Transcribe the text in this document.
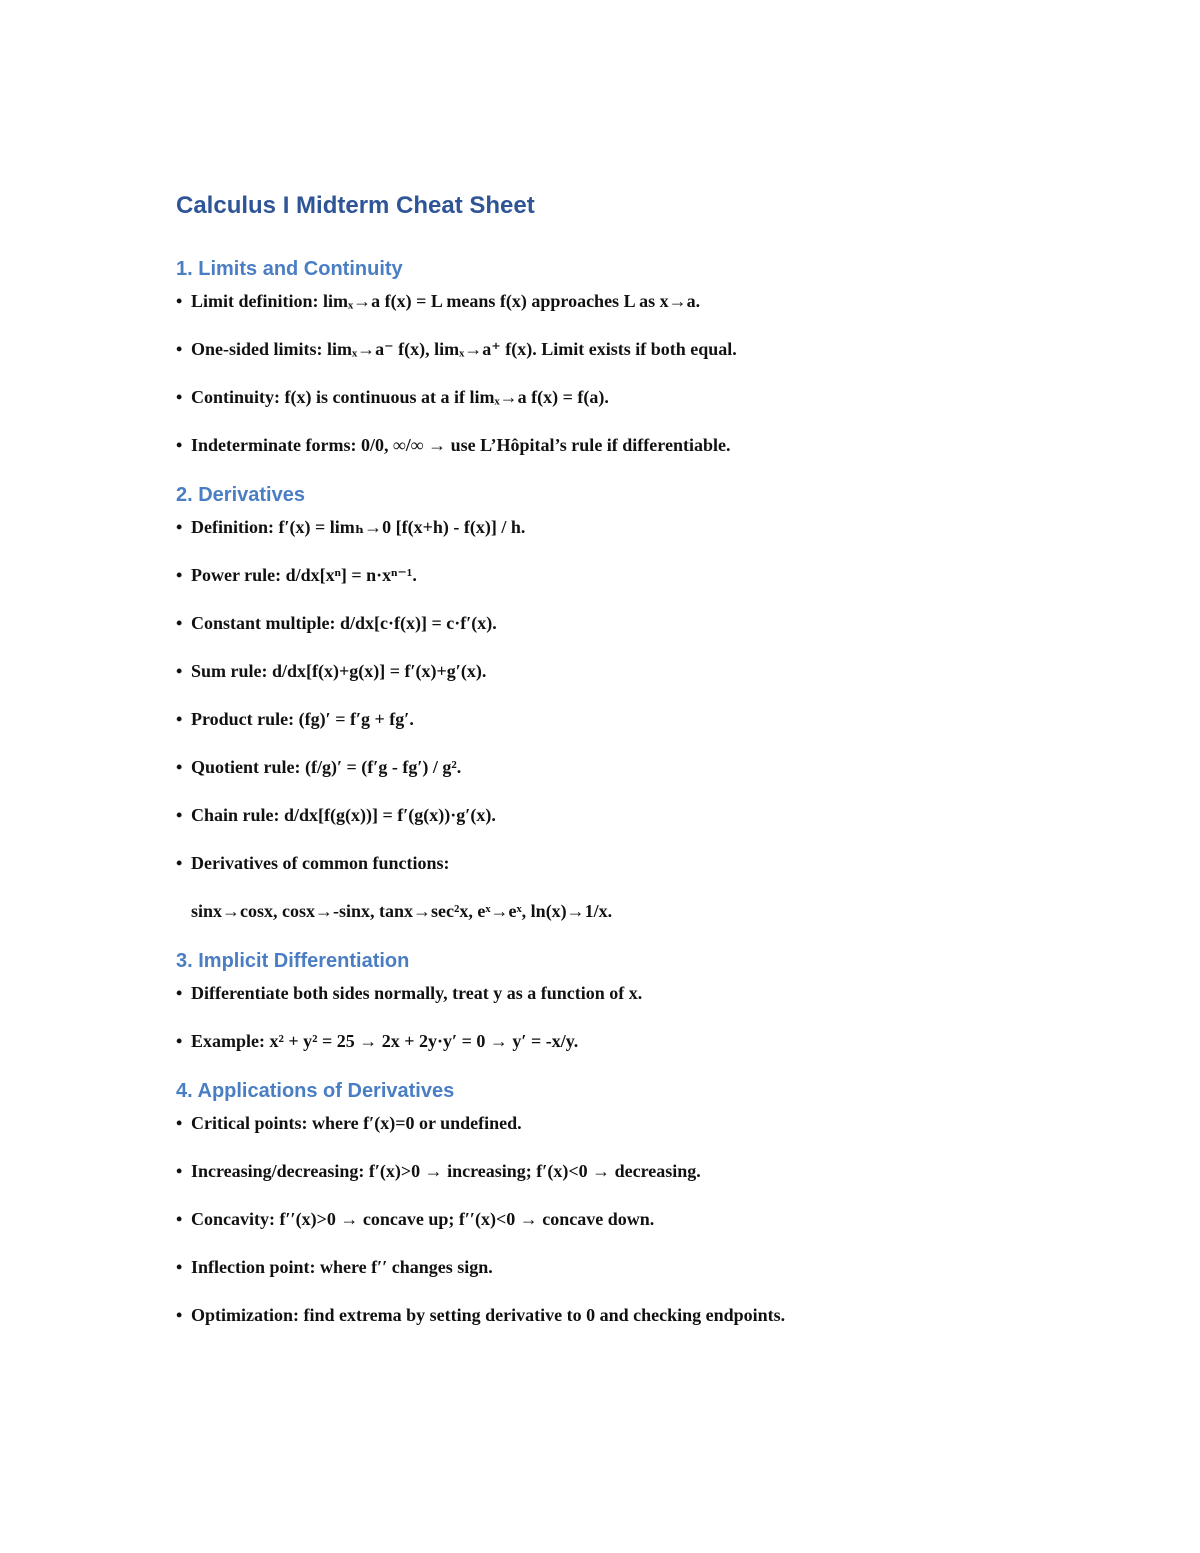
Calculus I Midterm Cheat Sheet
1. Limits and Continuity
• Limit definition: limₓ→a f(x) = L means f(x) approaches L as x→a.
• One-sided limits: limₓ→a⁻ f(x), limₓ→a⁺ f(x). Limit exists if both equal.
• Continuity: f(x) is continuous at a if limₓ→a f(x) = f(a).
• Indeterminate forms: 0/0, ∞/∞ → use L’Hôpital’s rule if differentiable.
2. Derivatives
• Definition: f′(x) = limₕ→0 [f(x+h) - f(x)] / h.
• Power rule: d/dx[xⁿ] = n·xⁿ⁻¹.
• Constant multiple: d/dx[c·f(x)] = c·f′(x).
• Sum rule: d/dx[f(x)+g(x)] = f′(x)+g′(x).
• Product rule: (fg)′ = f′g + fg′.
• Quotient rule: (f/g)′ = (f′g - fg′) / g².
• Chain rule: d/dx[f(g(x))] = f′(g(x))·g′(x).
• Derivatives of common functions:
sinx→cosx, cosx→-sinx, tanx→sec²x, eˣ→eˣ, ln(x)→1/x.
3. Implicit Differentiation
• Differentiate both sides normally, treat y as a function of x.
• Example: x² + y² = 25 → 2x + 2y·y′ = 0 → y′ = -x/y.
4. Applications of Derivatives
• Critical points: where f′(x)=0 or undefined.
• Increasing/decreasing: f′(x)>0 → increasing; f′(x)<0 → decreasing.
• Concavity: f′′(x)>0 → concave up; f′′(x)<0 → concave down.
• Inflection point: where f′′ changes sign.
• Optimization: find extrema by setting derivative to 0 and checking endpoints.
